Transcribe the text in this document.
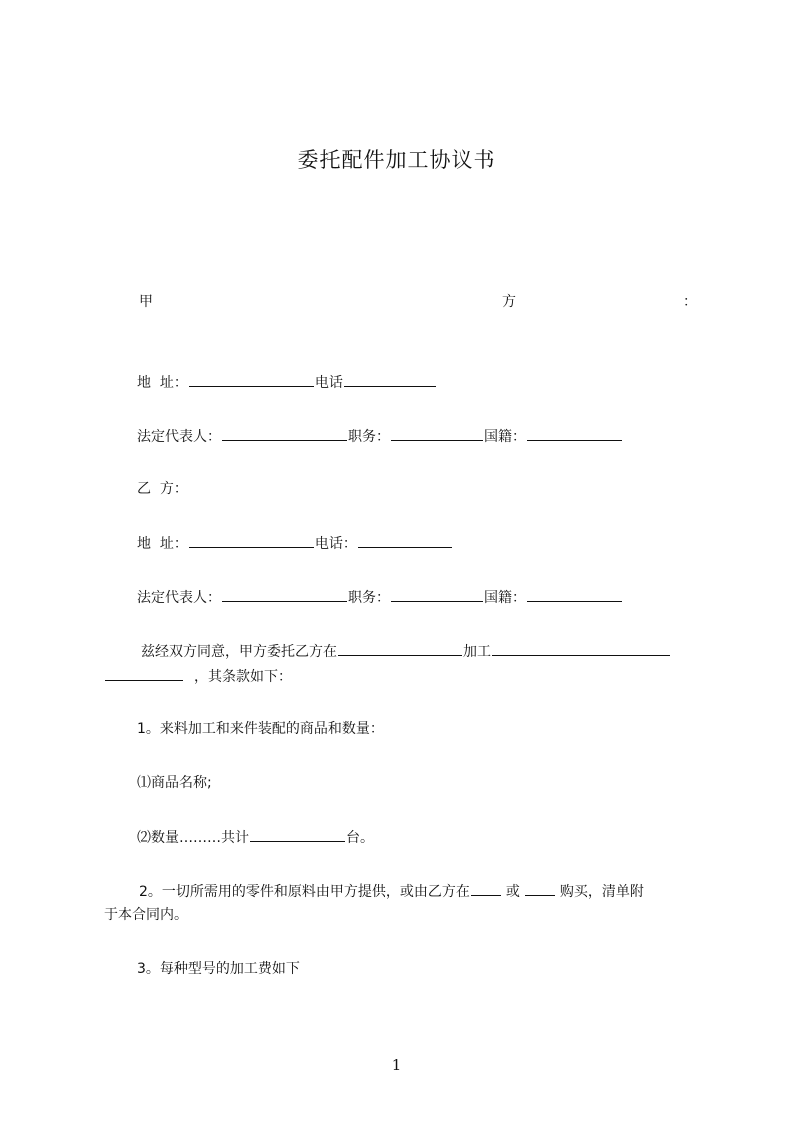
委托配件加工协议书
甲	方	：
地  址：	电话
法定代表人：	职务：	国籍：
乙  方：
地  址：	电话：
法定代表人：	职务：	国籍：
兹经双方同意，甲方委托乙方在	加工
，其条款如下：
1。来料加工和来件装配的商品和数量：
⑴商品名称;
⑵数量………共计	台。
2。一切所需用的零件和原料由甲方提供，或由乙方在	或	购买，清单附
于本合同内。
3。每种型号的加工费如下
1
